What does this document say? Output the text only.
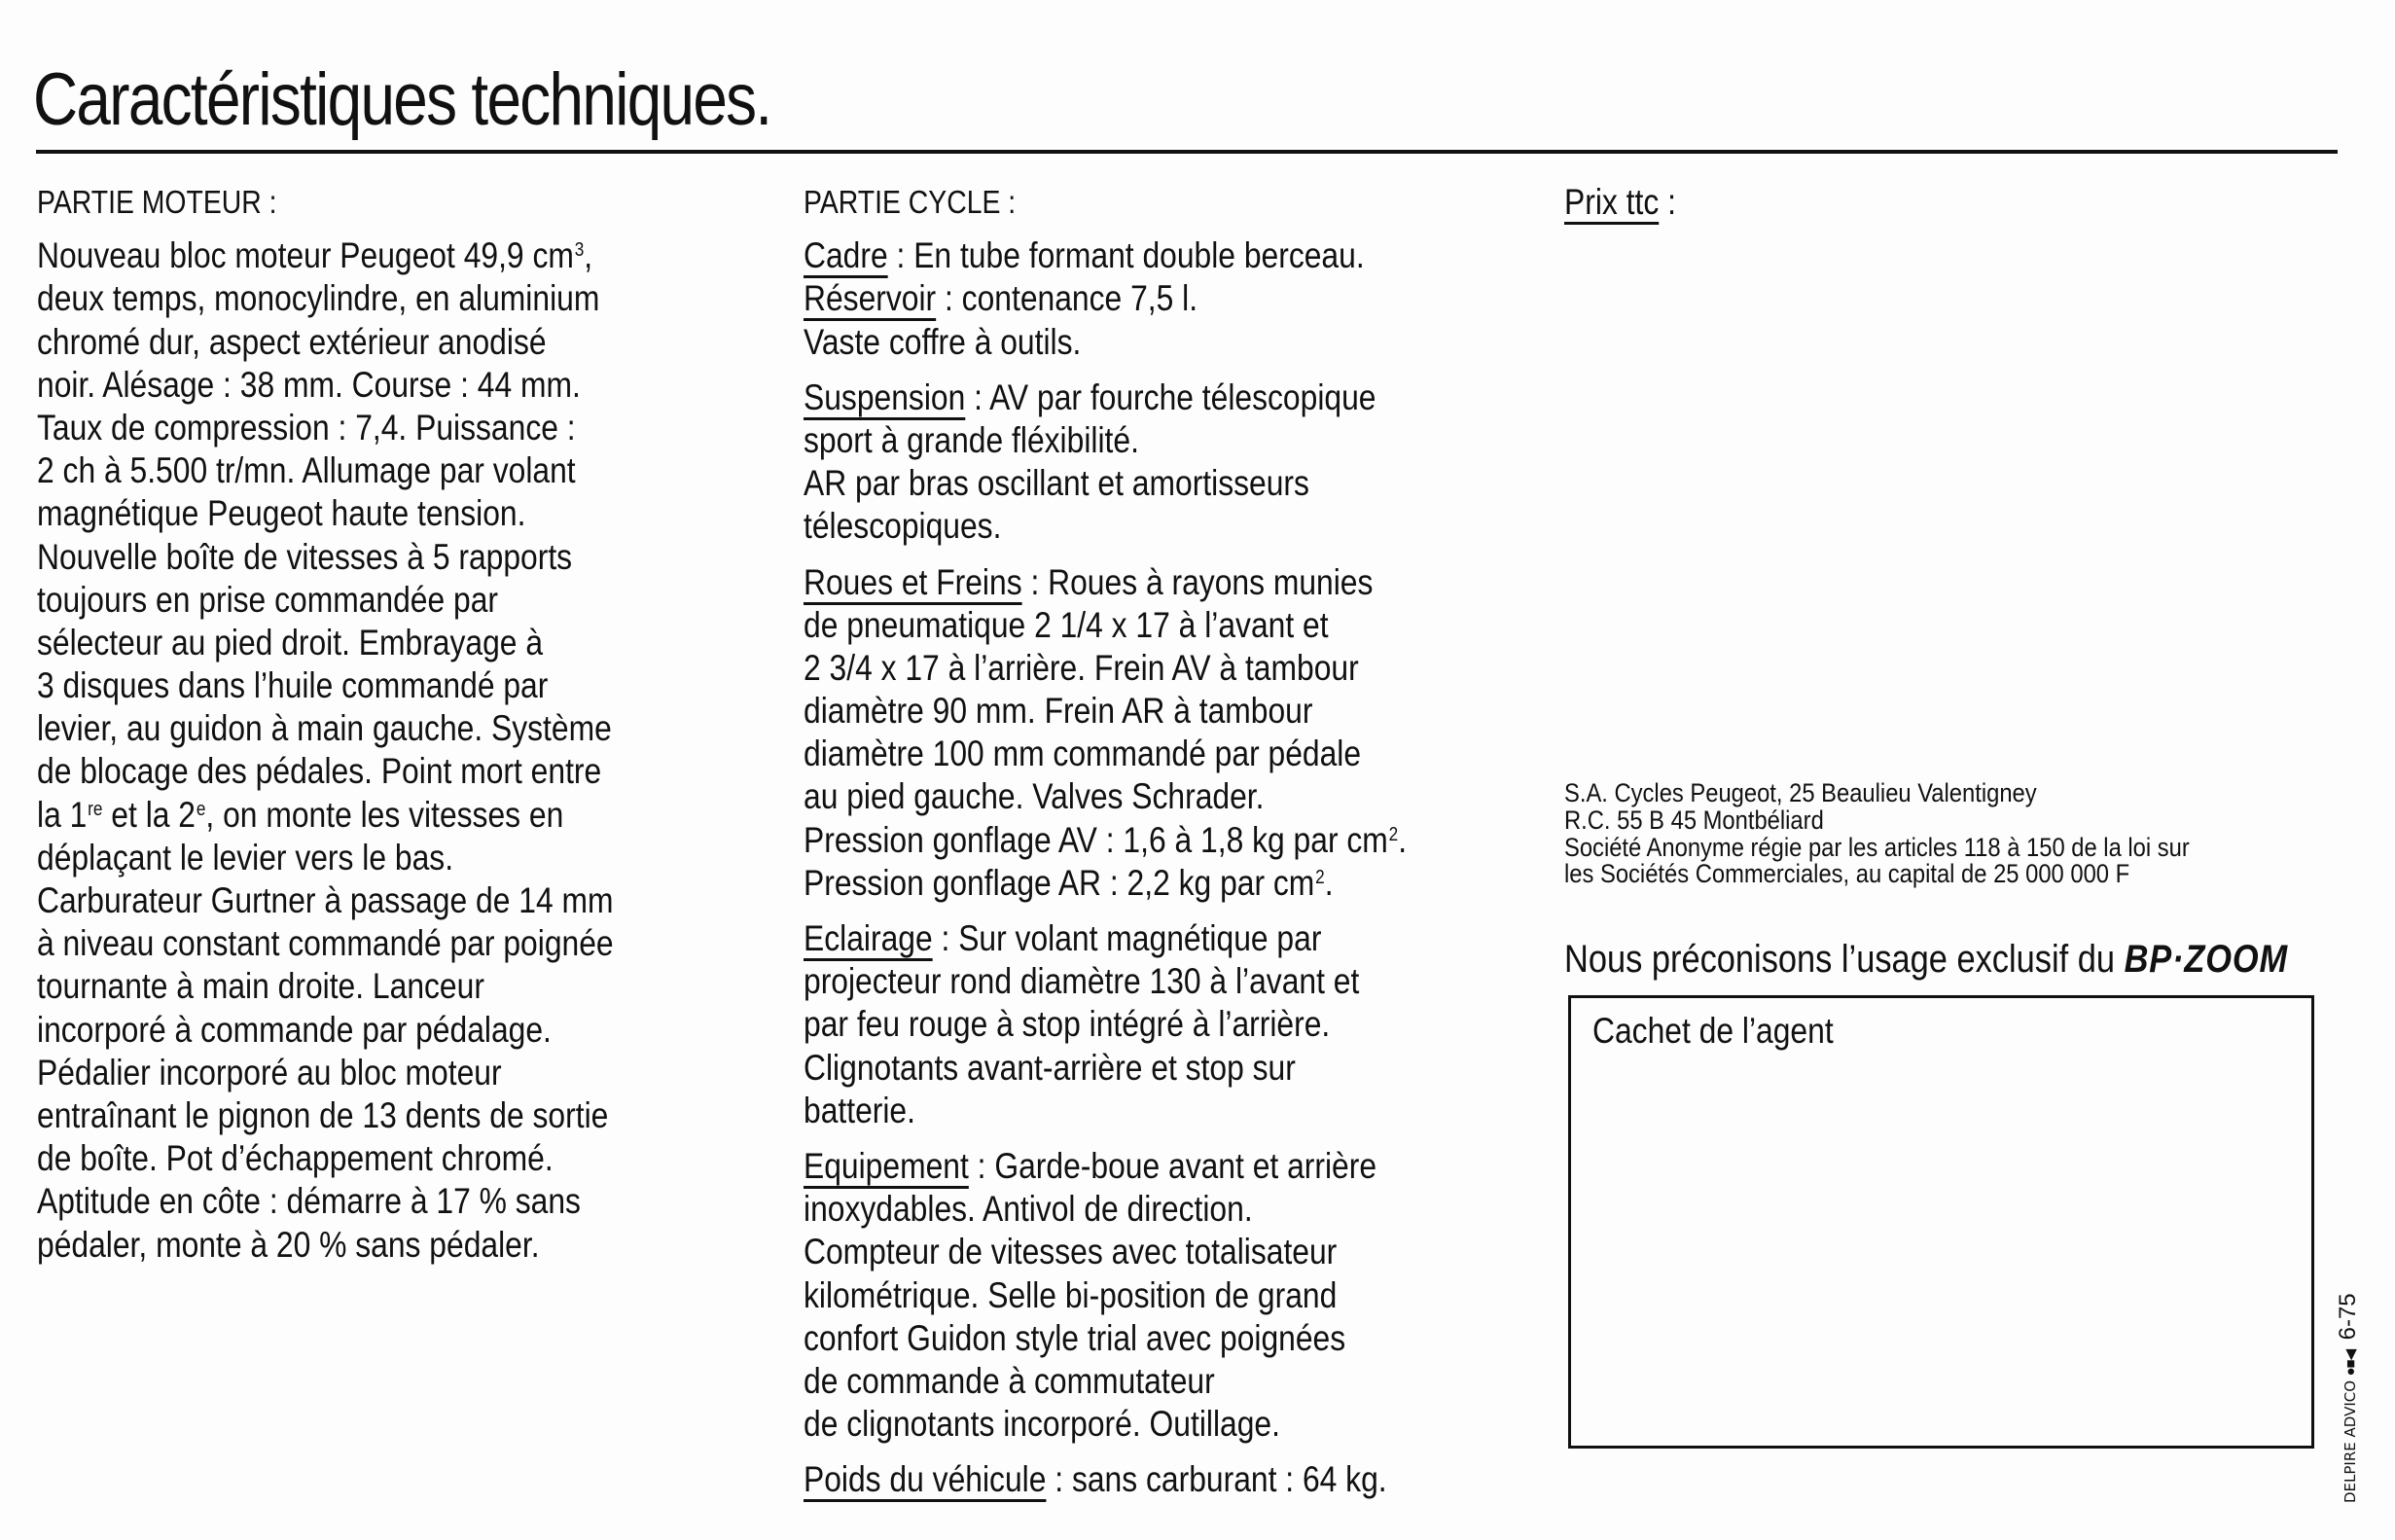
Caractéristiques techniques.
PARTIE MOTEUR :
Nouveau bloc moteur Peugeot 49,9 $cm^3$,
deux temps, monocylindre, en aluminium
chromé dur, aspect extérieur anodisé
noir. Alésage : 38 mm. Course : 44 mm.
Taux de compression : 7,4. Puissance :
2 ch à 5.500 tr/mn. Allumage par volant
magnétique Peugeot haute tension.
Nouvelle boîte de vitesses à 5 rapports
toujours en prise commandée par
sélecteur au pied droit. Embrayage à
3 disques dans l’huile commandé par
levier, au guidon à main gauche. Système
de blocage des pédales. Point mort entre
la 1re et la 2e, on monte les vitesses en
déplaçant le levier vers le bas.
Carburateur Gurtner à passage de 14 mm
à niveau constant commandé par poignée
tournante à main droite. Lanceur
incorporé à commande par pédalage.
Pédalier incorporé au bloc moteur
entraînant le pignon de 13 dents de sortie
de boîte. Pot d’échappement chromé.
Aptitude en côte : démarre à 17 % sans
pédaler, monte à 20 % sans pédaler.
PARTIE CYCLE :
Cadre : En tube formant double berceau.
Réservoir : contenance 7,5 l.
Vaste coffre à outils.
Suspension : AV par fourche télescopique
sport à grande fléxibilité.
AR par bras oscillant et amortisseurs
télescopiques.
Roues et Freins : Roues à rayons munies
de pneumatique 2 1/4 x 17 à l’avant et
2 3/4 x 17 à l’arrière. Frein AV à tambour
diamètre 90 mm. Frein AR à tambour
diamètre 100 mm commandé par pédale
au pied gauche. Valves Schrader.
Pression gonflage AV : 1,6 à 1,8 kg par $cm^2$.
Pression gonflage AR : 2,2 kg par $cm^2$.
Eclairage : Sur volant magnétique par
projecteur rond diamètre 130 à l’avant et
par feu rouge à stop intégré à l’arrière.
Clignotants avant-arrière et stop sur
batterie.
Equipement : Garde-boue avant et arrière
inoxydables. Antivol de direction.
Compteur de vitesses avec totalisateur
kilométrique. Selle bi-position de grand
confort Guidon style trial avec poignées
de commande à commutateur
de clignotants incorporé. Outillage.
Poids du véhicule : sans carburant : 64 kg.
Prix ttc :
S.A. Cycles Peugeot, 25 Beaulieu Valentigney
R.C. 55 B 45 Montbéliard
Société Anonyme régie par les articles 118 à 150 de la loi sur
les Sociétés Commerciales, au capital de 25 000 000 F
Nous préconisons l’usage exclusif du BP·ZOOM
Cachet de l’agent
DELPIRE ADVICO ●■◀ 6-75
